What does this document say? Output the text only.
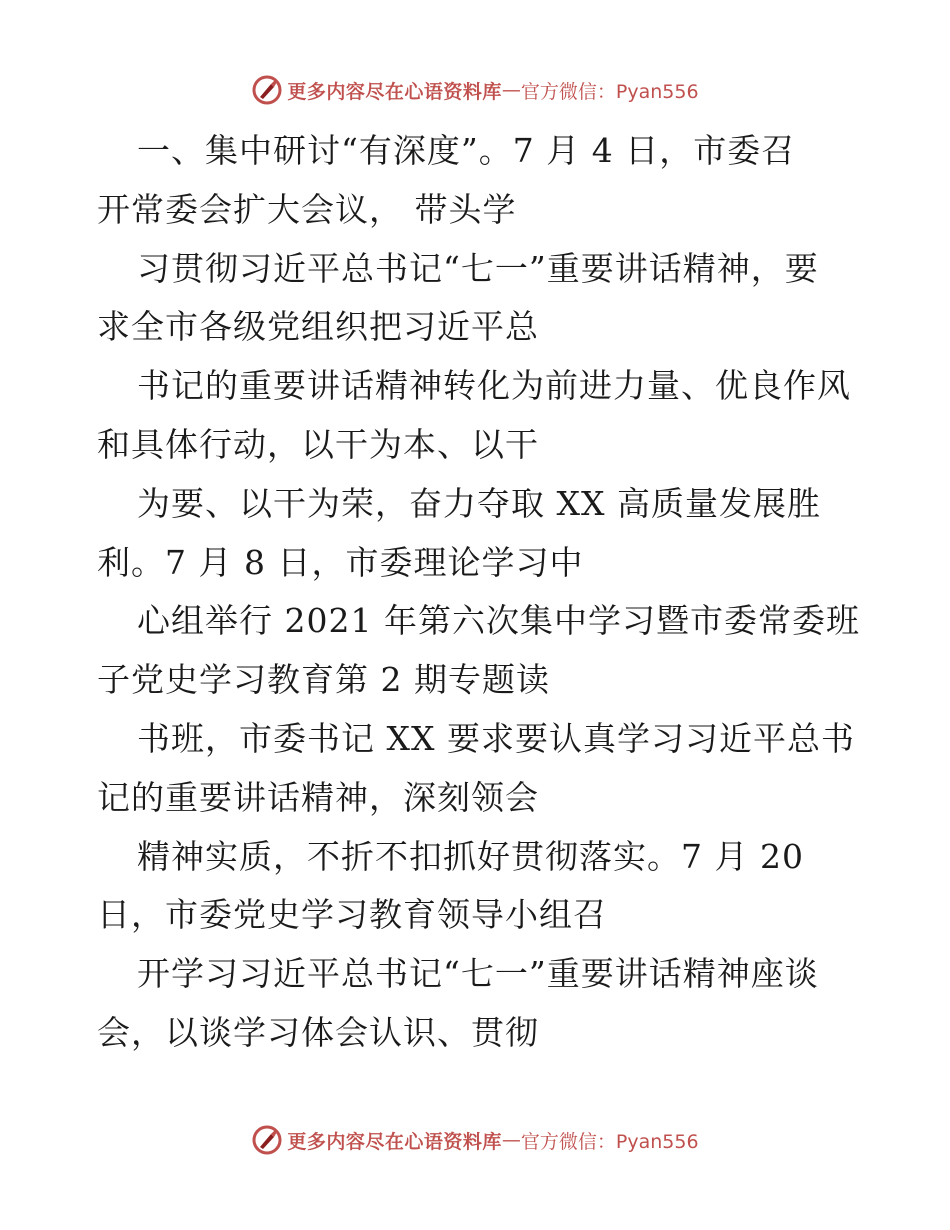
更多内容尽在心语资料库 — 官方微信：Pyan556
一、集中研讨“有深度”。7 月 4 日，市委召
开常委会扩大会议， 带头学
习贯彻习近平总书记“七一”重要讲话精神，要
求全市各级党组织把习近平总
书记的重要讲话精神转化为前进力量、优良作风
和具体行动，以干为本、以干
为要、以干为荣，奋力夺取 XX 高质量发展胜
利。7 月 8 日，市委理论学习中
心组举行 2021 年第六次集中学习暨市委常委班
子党史学习教育第 2 期专题读
书班，市委书记 XX 要求要认真学习习近平总书
记的重要讲话精神，深刻领会
精神实质，不折不扣抓好贯彻落实。7 月 20
日，市委党史学习教育领导小组召
开学习习近平总书记“七一”重要讲话精神座谈
会，以谈学习体会认识、贯彻
更多内容尽在心语资料库 — 官方微信：Pyan556
